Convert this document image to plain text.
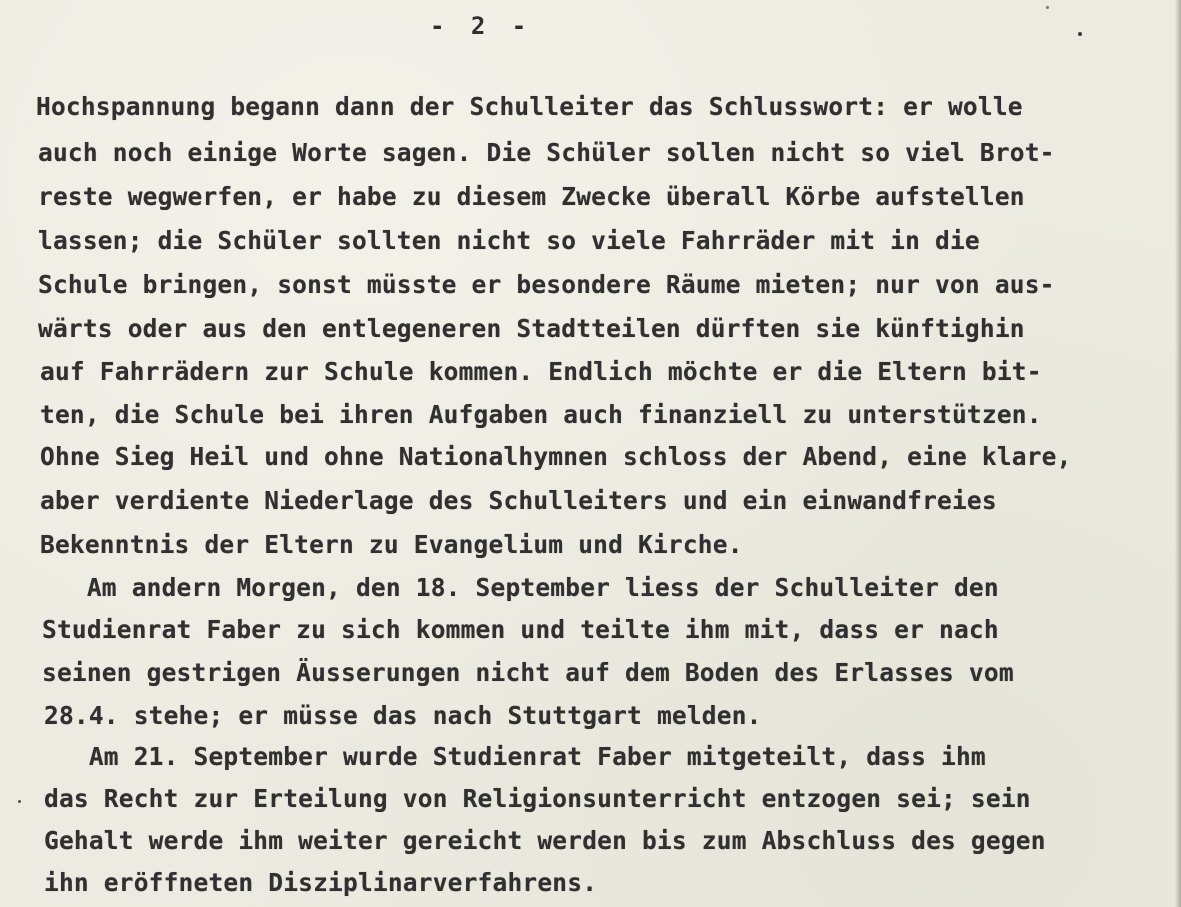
- 2 -
Hochspannung begann dann der Schulleiter das Schlusswort: er wolle
auch noch einige Worte sagen. Die Schüler sollen nicht so viel Brot-
reste wegwerfen, er habe zu diesem Zwecke überall Körbe aufstellen
lassen; die Schüler sollten nicht so viele Fahrräder mit in die
Schule bringen, sonst müsste er besondere Räume mieten; nur von aus-
wärts oder aus den entlegeneren Stadtteilen dürften sie künftighin
auf Fahrrädern zur Schule kommen. Endlich möchte er die Eltern bit-
ten, die Schule bei ihren Aufgaben auch finanziell zu unterstützen.
Ohne Sieg Heil und ohne Nationalhymnen schloss der Abend, eine klare,
aber verdiente Niederlage des Schulleiters und ein einwandfreies
Bekenntnis der Eltern zu Evangelium und Kirche.
Am andern Morgen, den 18. September liess der Schulleiter den
Studienrat Faber zu sich kommen und teilte ihm mit, dass er nach
seinen gestrigen Äusserungen nicht auf dem Boden des Erlasses vom
28.4. stehe; er müsse das nach Stuttgart melden.
Am 21. September wurde Studienrat Faber mitgeteilt, dass ihm
das Recht zur Erteilung von Religionsunterricht entzogen sei; sein
Gehalt werde ihm weiter gereicht werden bis zum Abschluss des gegen
ihn eröffneten Disziplinarverfahrens.
